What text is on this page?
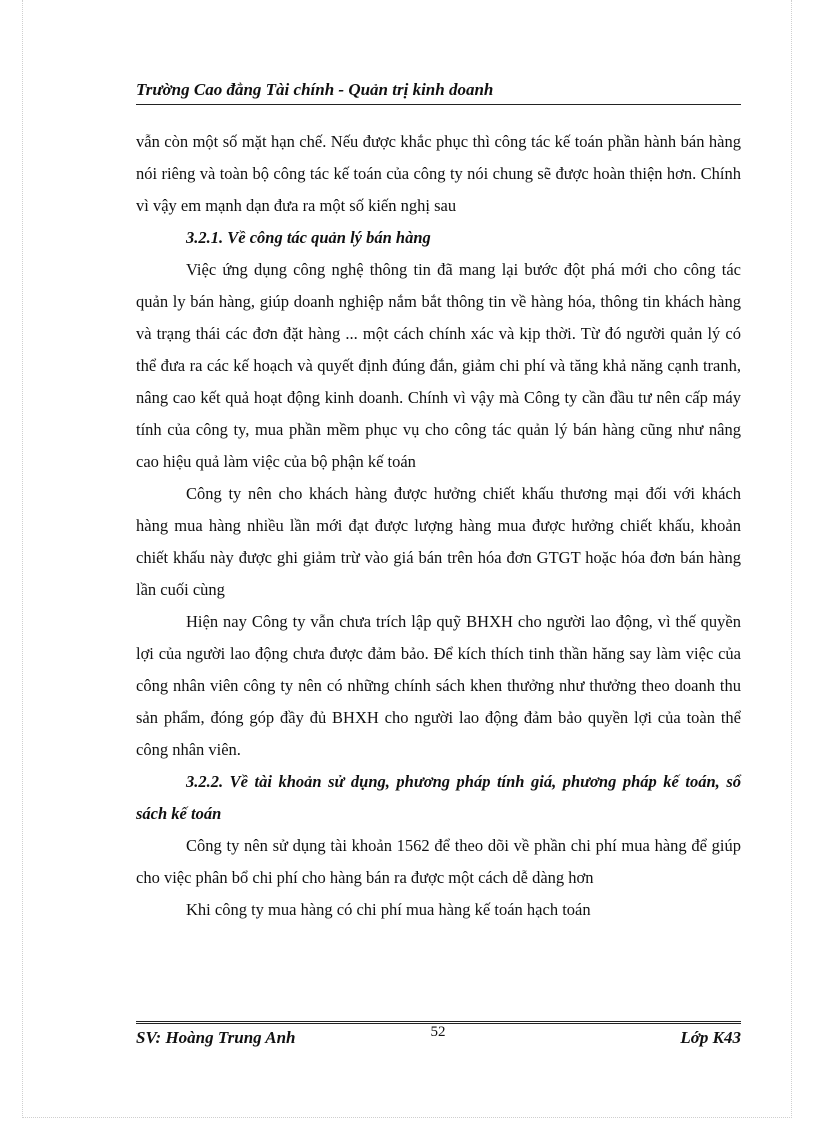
Trường Cao đẳng Tài chính - Quản trị kinh doanh

vẫn còn một số mặt hạn chế. Nếu được khắc phục thì công tác kế toán phần hành bán hàng nói riêng và toàn bộ công tác kế toán của công ty nói chung sẽ được hoàn thiện hơn. Chính vì vậy em mạnh dạn đưa ra một số kiến nghị sau

3.2.1. Về công tác quản lý bán hàng

Việc ứng dụng công nghệ thông tin đã mang lại bước đột phá mới cho công tác quản ly bán hàng, giúp doanh nghiệp nắm bắt thông tin về hàng hóa, thông tin khách hàng và trạng thái các đơn đặt hàng ... một cách chính xác và kịp thời. Từ đó người quản lý có thể đưa ra các kế hoạch và quyết định đúng đắn, giảm chi phí và tăng khả năng cạnh tranh, nâng cao kết quả hoạt động kinh doanh. Chính vì vậy mà Công ty cần đầu tư nên cấp máy tính của công ty, mua phần mềm phục vụ cho công tác quản lý bán hàng cũng như nâng cao hiệu quả làm việc của bộ phận kế toán

Công ty nên cho khách hàng được hưởng chiết khấu thương mại đối với khách hàng mua hàng nhiều lần mới đạt được lượng hàng mua được hưởng chiết khấu, khoản chiết khấu này được ghi giảm trừ vào giá bán trên hóa đơn GTGT hoặc hóa đơn bán hàng lần cuối cùng

Hiện nay Công ty vẫn chưa trích lập quỹ BHXH cho người lao động, vì thế quyền lợi của người lao động chưa được đảm bảo. Để kích thích tinh thần hăng say làm việc của công nhân viên công ty nên có những chính sách khen thưởng như thưởng theo doanh thu sản phẩm, đóng góp đầy đủ BHXH cho người lao động đảm bảo quyền lợi của toàn thể công nhân viên.

3.2.2. Về tài khoản sử dụng, phương pháp tính giá, phương pháp kế toán, sổ sách kế toán

Công ty nên sử dụng tài khoản 1562 để theo dõi về phần chi phí mua hàng để giúp cho việc phân bổ chi phí cho hàng bán ra được một cách dễ dàng hơn

Khi công ty mua hàng có chi phí mua hàng kế toán hạch toán

SV: Hoàng Trung Anh	52	Lớp K43
